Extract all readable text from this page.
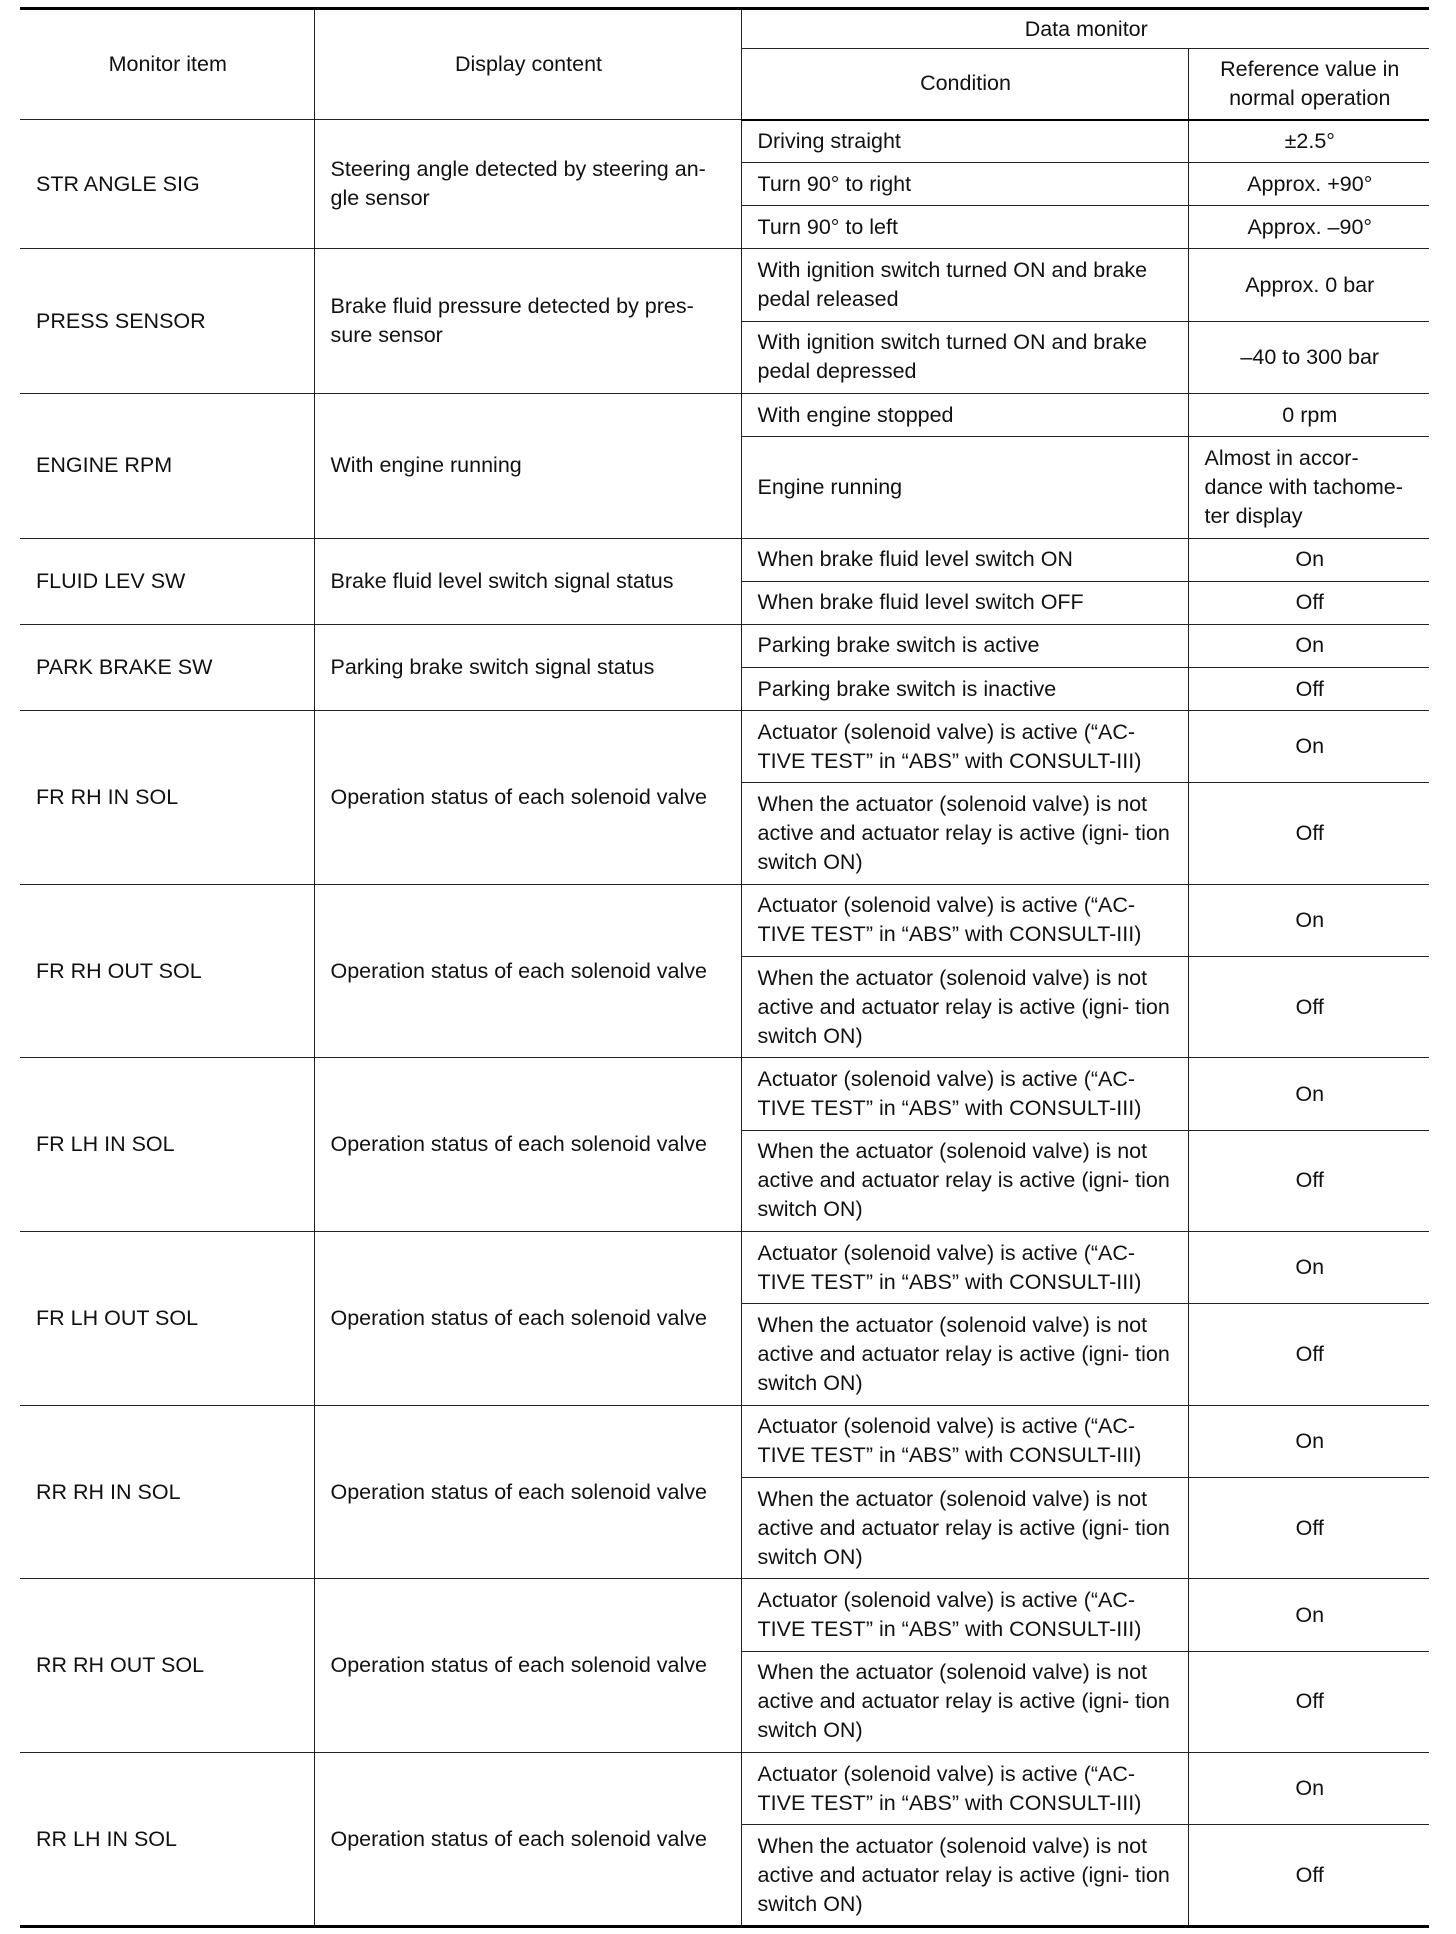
Monitor item	Display content	Data monitor	
		Condition	Reference value in normal operation
STR ANGLE SIG	Steering angle detected by steering an- gle sensor	Driving straight	±2.5°
		Turn 90° to right	Approx. +90°
		Turn 90° to left	Approx. –90°
PRESS SENSOR	Brake fluid pressure detected by pres- sure sensor	With ignition switch turned ON and brake pedal released	Approx. 0 bar
		With ignition switch turned ON and brake pedal depressed	–40 to 300 bar
ENGINE RPM	With engine running	With engine stopped	0 rpm
		Engine running	Almost in accor- dance with tachome- ter display
FLUID LEV SW	Brake fluid level switch signal status	When brake fluid level switch ON	On
		When brake fluid level switch OFF	Off
PARK BRAKE SW	Parking brake switch signal status	Parking brake switch is active	On
		Parking brake switch is inactive	Off
FR RH IN SOL	Operation status of each solenoid valve	Actuator (solenoid valve) is active (“AC- TIVE TEST” in “ABS” with CONSULT-III)	On
		When the actuator (solenoid valve) is not active and actuator relay is active (igni- tion switch ON)	Off
FR RH OUT SOL	Operation status of each solenoid valve	Actuator (solenoid valve) is active (“AC- TIVE TEST” in “ABS” with CONSULT-III)	On
		When the actuator (solenoid valve) is not active and actuator relay is active (igni- tion switch ON)	Off
FR LH IN SOL	Operation status of each solenoid valve	Actuator (solenoid valve) is active (“AC- TIVE TEST” in “ABS” with CONSULT-III)	On
		When the actuator (solenoid valve) is not active and actuator relay is active (igni- tion switch ON)	Off
FR LH OUT SOL	Operation status of each solenoid valve	Actuator (solenoid valve) is active (“AC- TIVE TEST” in “ABS” with CONSULT-III)	On
		When the actuator (solenoid valve) is not active and actuator relay is active (igni- tion switch ON)	Off
RR RH IN SOL	Operation status of each solenoid valve	Actuator (solenoid valve) is active (“AC- TIVE TEST” in “ABS” with CONSULT-III)	On
		When the actuator (solenoid valve) is not active and actuator relay is active (igni- tion switch ON)	Off
RR RH OUT SOL	Operation status of each solenoid valve	Actuator (solenoid valve) is active (“AC- TIVE TEST” in “ABS” with CONSULT-III)	On
		When the actuator (solenoid valve) is not active and actuator relay is active (igni- tion switch ON)	Off
RR LH IN SOL	Operation status of each solenoid valve	Actuator (solenoid valve) is active (“AC- TIVE TEST” in “ABS” with CONSULT-III)	On
		When the actuator (solenoid valve) is not active and actuator relay is active (igni- tion switch ON)	Off
